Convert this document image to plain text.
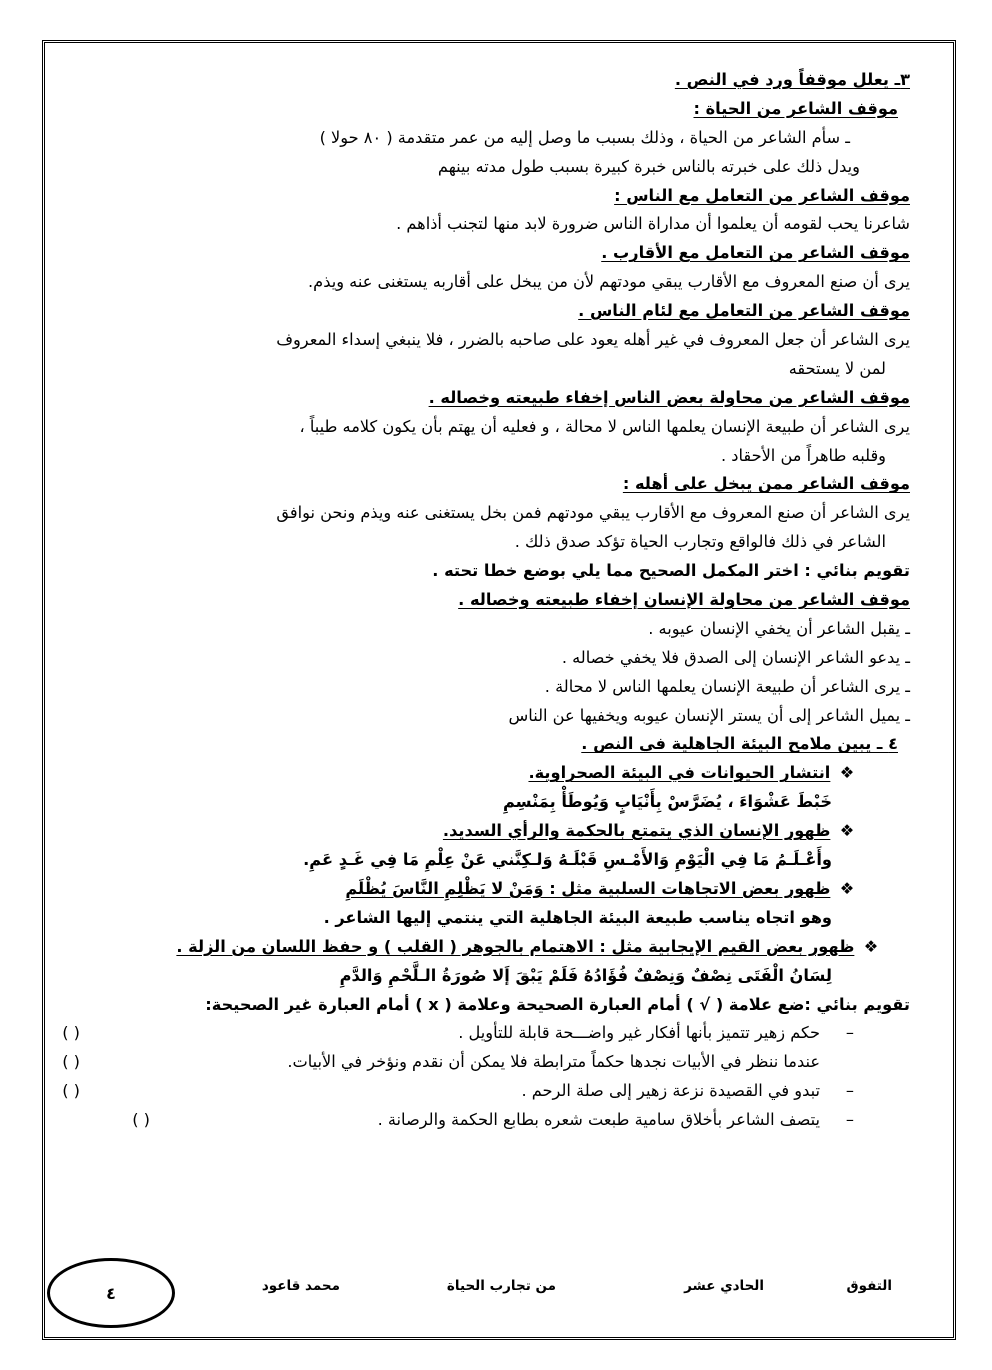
٣ـ يعلل موقفاً ورد في النص .
موقف الشاعر من الحياة :
ـ سأم الشاعر من الحياة ، وذلك بسبب ما وصل إليه من عمر متقدمة ( ٨٠ حولا )
ويدل ذلك على خبرته بالناس خبرة كبيرة بسبب طول مدته بينهم
موقف الشاعر من التعامل مع الناس :
شاعرنا يحب لقومه أن يعلموا أن مداراة الناس ضرورة لابد منها لتجنب أذاهم .
موقف الشاعر من التعامل مع الأقارب .
يرى أن صنع المعروف مع الأقارب يبقي مودتهم لأن من يبخل على أقاربه يستغنى عنه ويذم.
موقف الشاعر من التعامل مع لئام الناس .
يرى الشاعر أن جعل المعروف في غير أهله يعود على صاحبه بالضرر ، فلا ينبغي إسداء المعروف
لمن لا يستحقه
موقف الشاعر من محاولة بعض الناس إخفاء طبيعته وخصاله .
يرى الشاعر أن طبيعة الإنسان يعلمها الناس لا محالة ، و فعليه أن يهتم بأن يكون كلامه طيباً ،
وقلبه طاهراً من الأحقاد .
موقف الشاعر ممن يبخل على أهله :
يرى الشاعر أن صنع المعروف مع الأقارب يبقي مودتهم فمن بخل يستغنى عنه ويذم ونحن نوافق
الشاعر في ذلك فالواقع وتجارب الحياة تؤكد صدق ذلك .
تقويم بنائي : اختر المكمل الصحيح مما يلي بوضع خطا تحته .
موقف الشاعر من محاولة الإنسان إخفاء طبيعته وخصاله .
ـ يقبل الشاعر أن يخفي الإنسان عيوبه .
ـ يدعو الشاعر الإنسان إلى الصدق فلا يخفي خصاله .
ـ يرى الشاعر أن طبيعة الإنسان يعلمها الناس لا محالة .
ـ يميل الشاعر إلى أن يستر الإنسان عيوبه ويخفيها عن الناس
٤ ـ يبين ملامح البيئة الجاهلية في النص .
❖ انتشار الحيوانات في البيئة الصحراوية.
خَبْطَ عَشْوَاءَ ، يُضَرَّسْ بِأَنْيَابٍ وَيُوطَأْ بِمَنْسِمِ
❖ ظهور الإنسان الذي يتمتع بالحكمة والرأي السديد.
وأَعْـلَـمُ مَا فِي الْيَوْمِ وَالأَمْـسِ قَبْلَـهُ وَلـكِنَّني عَنْ عِلْمِ مَا فِي غَـدٍ عَمِ.
❖ ظهور بعض الاتجاهات السلبية مثل : وَمَنْ لا يَظْلِمِ النَّاسَ يُظْلَمِ
وهو اتجاه يناسب طبيعة البيئة الجاهلية التي ينتمي إليها الشاعر .
❖ ظهور بعض القيم الإيجابية مثل : الاهتمام بالجوهر ( القلب ) و حفظ اللسان من الزلة .
لِسَانُ الْفَتَى نِصْفٌ وَنِصْفٌ فُؤَادُهُ فَلَمْ يَبْقَ إَلا صُورَةُ الـلَّحْمِ وَالدَّمِ
تقويم بنائي :ضع علامة ( √ ) أمام العبارة الصحيحة وعلامة ( x ) أمام العبارة غير الصحيحة:
–
حكم زهير تتميز بأنها أفكار غير واضـــحة قابلة للتأويل .
( )
عندما ننظر في الأبيات نجدها حكماً مترابطة فلا يمكن أن نقدم ونؤخر في الأبيات.
( )
–
تبدو في القصيدة نزعة زهير إلى صلة الرحم .
( )
–
يتصف الشاعر بأخلاق سامية طبعت شعره بطابع الحكمة والرصانة .
( )
التفوق
الحادي عشر
من تجارب الحياة
محمد قاعود
٤
